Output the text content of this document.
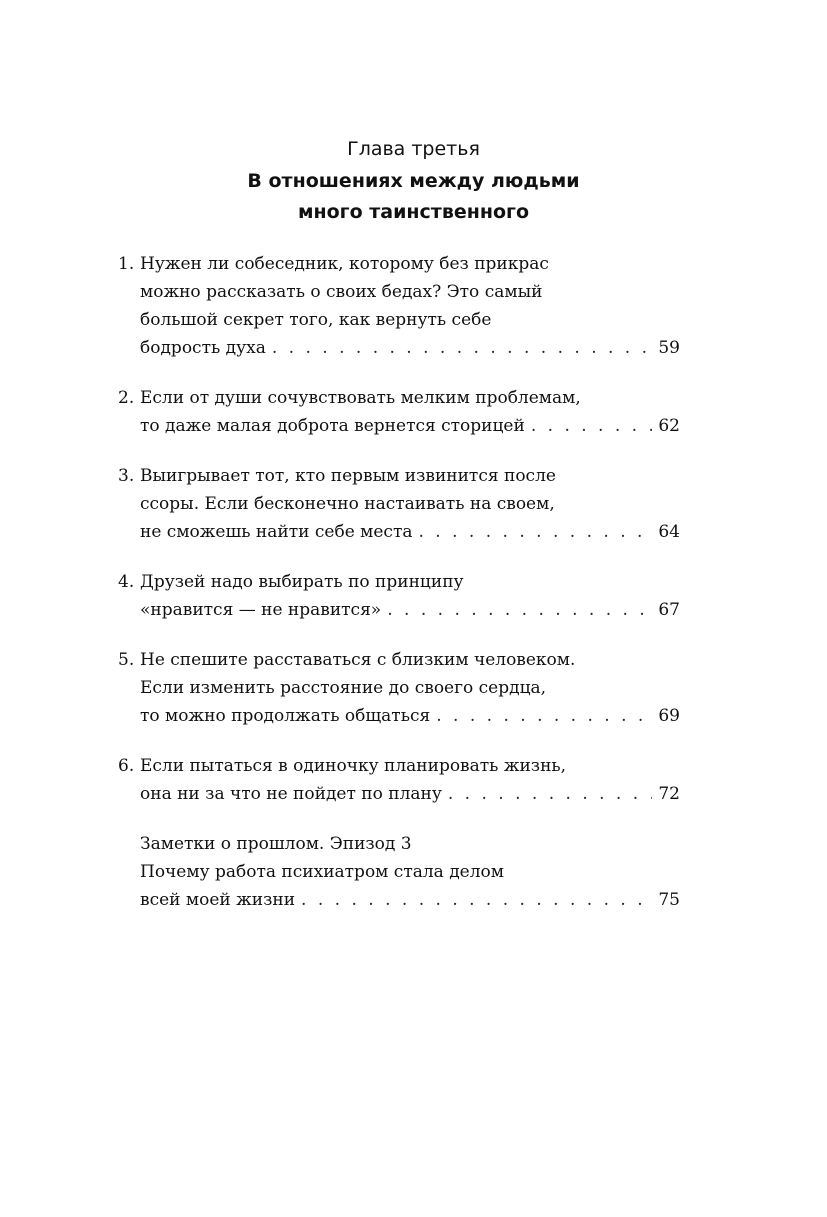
Глава третья
В отношениях между людьми
много таинственного
1. Нужен ли собеседник, которому без прикрас
можно рассказать о своих бедах? Это самый
большой секрет того, как вернуть себе
бодрость духа . . .	59
2. Если от души сочувствовать мелким проблемам,
то даже малая доброта вернется сторицей . . .	62
3. Выигрывает тот, кто первым извинится после
ссоры. Если бесконечно настаивать на своем,
не сможешь найти себе места . . .	64
4. Друзей надо выбирать по принципу
«нравится — не нравится» . . .	67
5. Не спешите расставаться с близким человеком.
Если изменить расстояние до своего сердца,
то можно продолжать общаться . . .	69
6. Если пытаться в одиночку планировать жизнь,
она ни за что не пойдет по плану . . .	72
Заметки о прошлом. Эпизод 3
Почему работа психиатром стала делом
всей моей жизни . . .	75
